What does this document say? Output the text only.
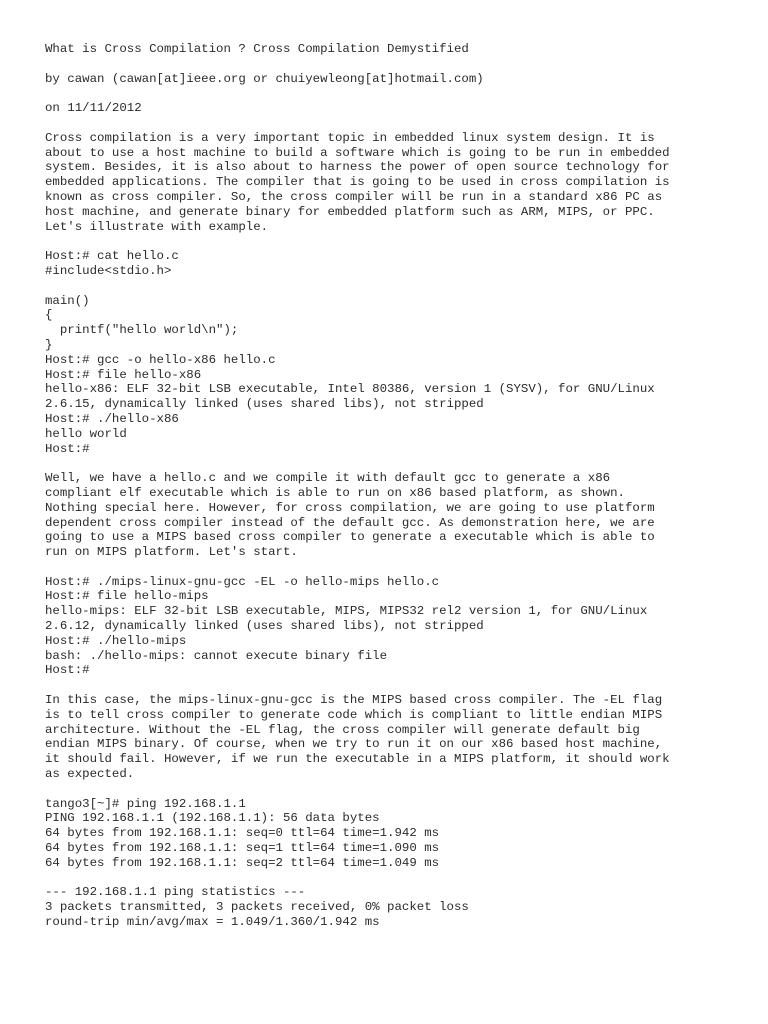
What is Cross Compilation ? Cross Compilation Demystified
by cawan (cawan[at]ieee.org or chuiyewleong[at]hotmail.com)
on 11/11/2012
Cross compilation is a very important topic in embedded linux system design. It is
about to use a host machine to build a software which is going to be run in embedded
system. Besides, it is also about to harness the power of open source technology for
embedded applications. The compiler that is going to be used in cross compilation is
known as cross compiler. So, the cross compiler will be run in a standard x86 PC as
host machine, and generate binary for embedded platform such as ARM, MIPS, or PPC.
Let's illustrate with example.
Host:# cat hello.c
#include<stdio.h>
main()
{
printf("hello world\n");
}
Host:# gcc -o hello-x86 hello.c
Host:# file hello-x86
hello-x86: ELF 32-bit LSB executable, Intel 80386, version 1 (SYSV), for GNU/Linux
2.6.15, dynamically linked (uses shared libs), not stripped
Host:# ./hello-x86
hello world
Host:#
Well, we have a hello.c and we compile it with default gcc to generate a x86
compliant elf executable which is able to run on x86 based platform, as shown.
Nothing special here. However, for cross compilation, we are going to use platform
dependent cross compiler instead of the default gcc. As demonstration here, we are
going to use a MIPS based cross compiler to generate a executable which is able to
run on MIPS platform. Let's start.
Host:# ./mips-linux-gnu-gcc -EL -o hello-mips hello.c
Host:# file hello-mips
hello-mips: ELF 32-bit LSB executable, MIPS, MIPS32 rel2 version 1, for GNU/Linux
2.6.12, dynamically linked (uses shared libs), not stripped
Host:# ./hello-mips
bash: ./hello-mips: cannot execute binary file
Host:#
In this case, the mips-linux-gnu-gcc is the MIPS based cross compiler. The -EL flag
is to tell cross compiler to generate code which is compliant to little endian MIPS
architecture. Without the -EL flag, the cross compiler will generate default big
endian MIPS binary. Of course, when we try to run it on our x86 based host machine,
it should fail. However, if we run the executable in a MIPS platform, it should work
as expected.
tango3[~]# ping 192.168.1.1
PING 192.168.1.1 (192.168.1.1): 56 data bytes
64 bytes from 192.168.1.1: seq=0 ttl=64 time=1.942 ms
64 bytes from 192.168.1.1: seq=1 ttl=64 time=1.090 ms
64 bytes from 192.168.1.1: seq=2 ttl=64 time=1.049 ms
--- 192.168.1.1 ping statistics ---
3 packets transmitted, 3 packets received, 0% packet loss
round-trip min/avg/max = 1.049/1.360/1.942 ms
